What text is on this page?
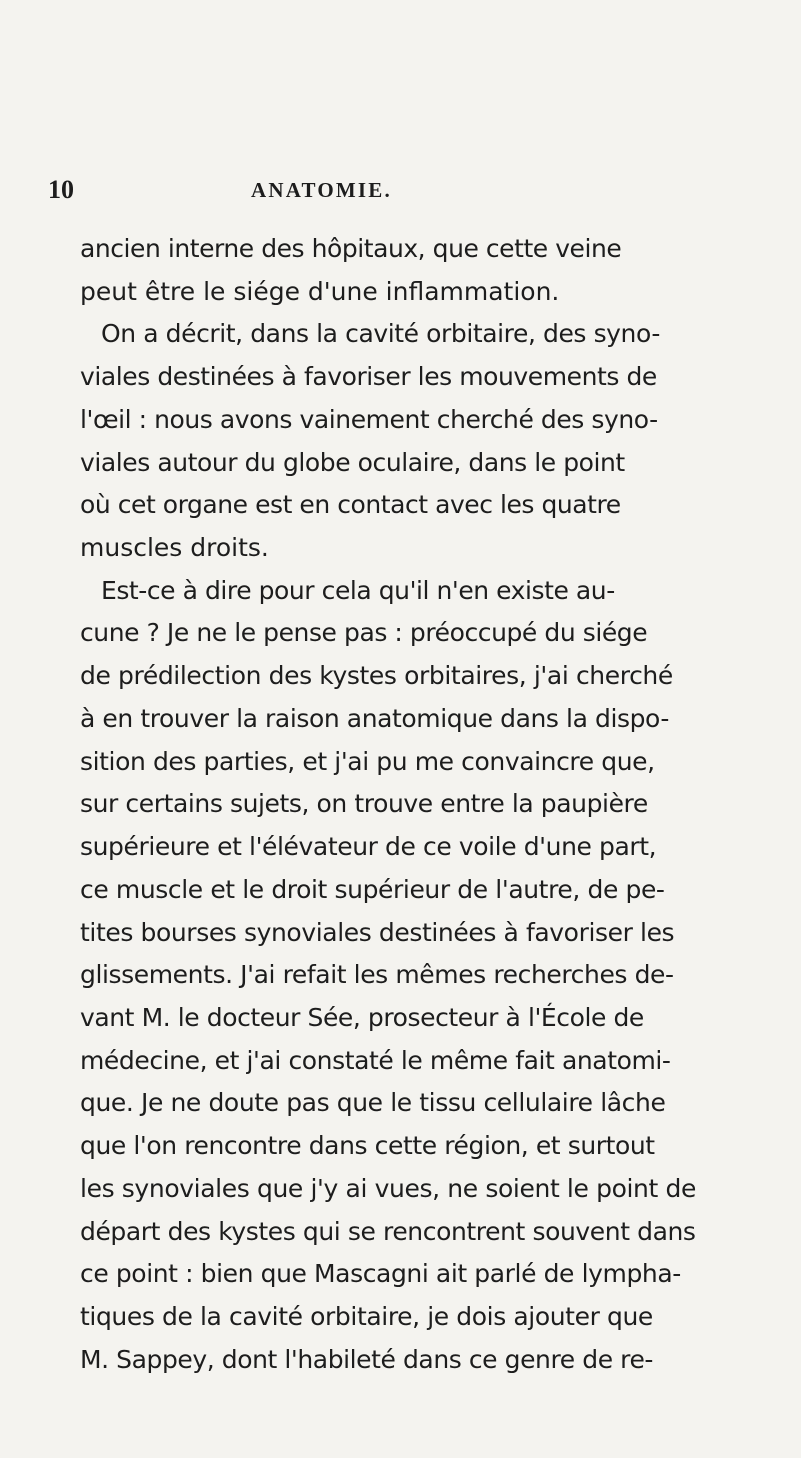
10	ANATOMIE.
ancien interne des hôpitaux, que cette veine
peut être le siége d'une inflammation.
On a décrit, dans la cavité orbitaire, des syno-
viales destinées à favoriser les mouvements de
l'œil : nous avons vainement cherché des syno-
viales autour du globe oculaire, dans le point
où cet organe est en contact avec les quatre
muscles droits.
Est-ce à dire pour cela qu'il n'en existe au-
cune ? Je ne le pense pas : préoccupé du siége
de prédilection des kystes orbitaires, j'ai cherché
à en trouver la raison anatomique dans la dispo-
sition des parties, et j'ai pu me convaincre que,
sur certains sujets, on trouve entre la paupière
supérieure et l'élévateur de ce voile d'une part,
ce muscle et le droit supérieur de l'autre, de pe-
tites bourses synoviales destinées à favoriser les
glissements. J'ai refait les mêmes recherches de-
vant M. le docteur Sée, prosecteur à l'École de
médecine, et j'ai constaté le même fait anatomi-
que. Je ne doute pas que le tissu cellulaire lâche
que l'on rencontre dans cette région, et surtout
les synoviales que j'y ai vues, ne soient le point de
départ des kystes qui se rencontrent souvent dans
ce point : bien que Mascagni ait parlé de lympha-
tiques de la cavité orbitaire, je dois ajouter que
M. Sappey, dont l'habileté dans ce genre de re-
